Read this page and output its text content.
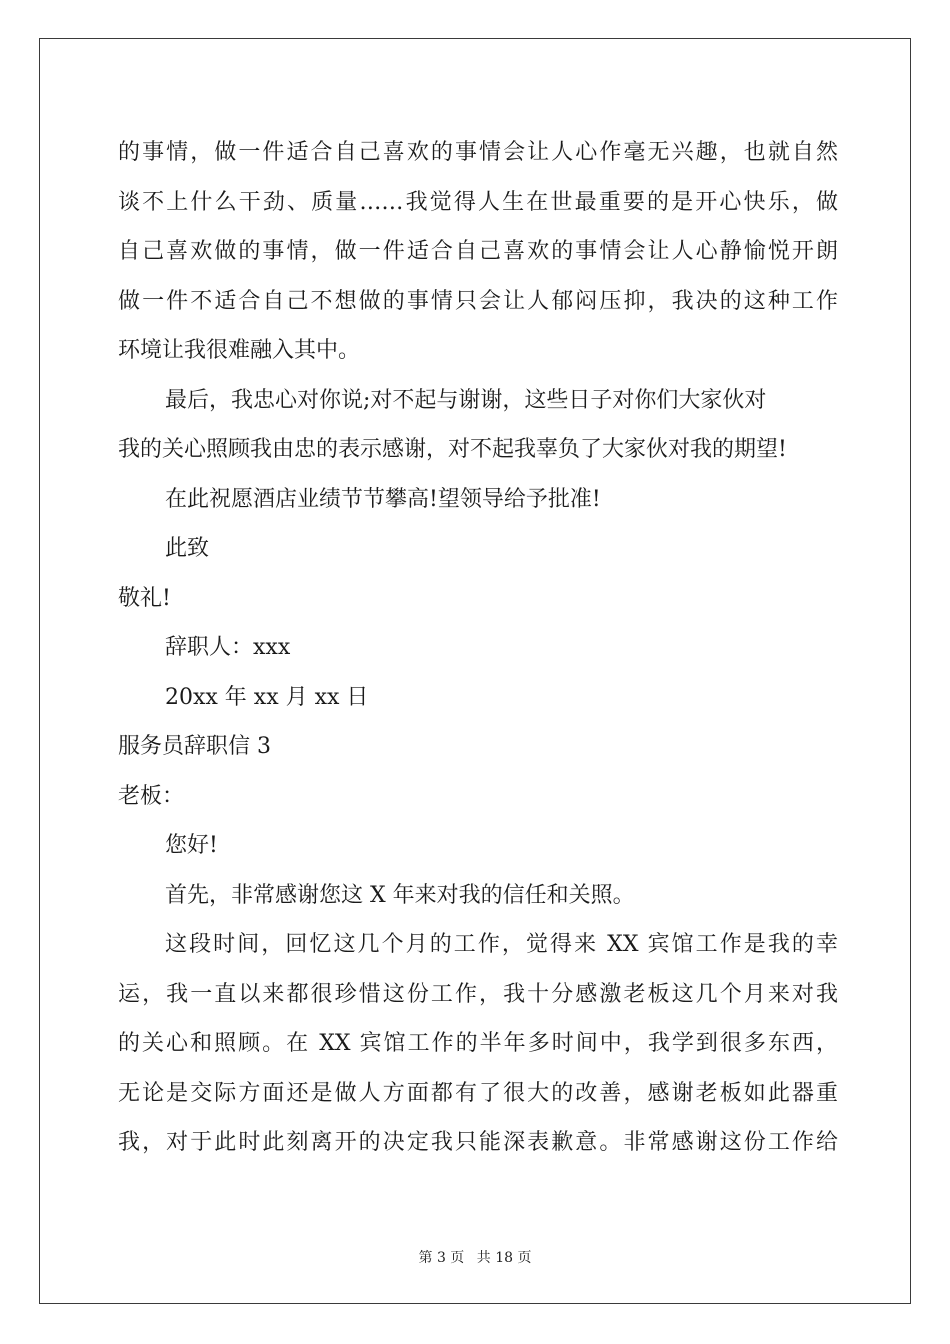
的事情，做一件适合自己喜欢的事情会让人心作毫无兴趣，也就自然
谈不上什么干劲、质量……我觉得人生在世最重要的是开心快乐，做
自己喜欢做的事情，做一件适合自己喜欢的事情会让人心静愉悦开朗
做一件不适合自己不想做的事情只会让人郁闷压抑，我决的这种工作
环境让我很难融入其中。
最后，我忠心对你说;对不起与谢谢，这些日子对你们大家伙对
我的关心照顾我由忠的表示感谢，对不起我辜负了大家伙对我的期望!
在此祝愿酒店业绩节节攀高!望领导给予批准!
此致
敬礼!
辞职人：xxx
20xx 年 xx 月 xx 日
服务员辞职信 3
老板：
您好!
首先，非常感谢您这 X 年来对我的信任和关照。
这段时间，回忆这几个月的工作，觉得来 XX 宾馆工作是我的幸
运，我一直以来都很珍惜这份工作，我十分感激老板这几个月来对我
的关心和照顾。在 XX 宾馆工作的半年多时间中，我学到很多东西，
无论是交际方面还是做人方面都有了很大的改善，感谢老板如此器重
我，对于此时此刻离开的决定我只能深表歉意。非常感谢这份工作给
第 3 页 共 18 页
